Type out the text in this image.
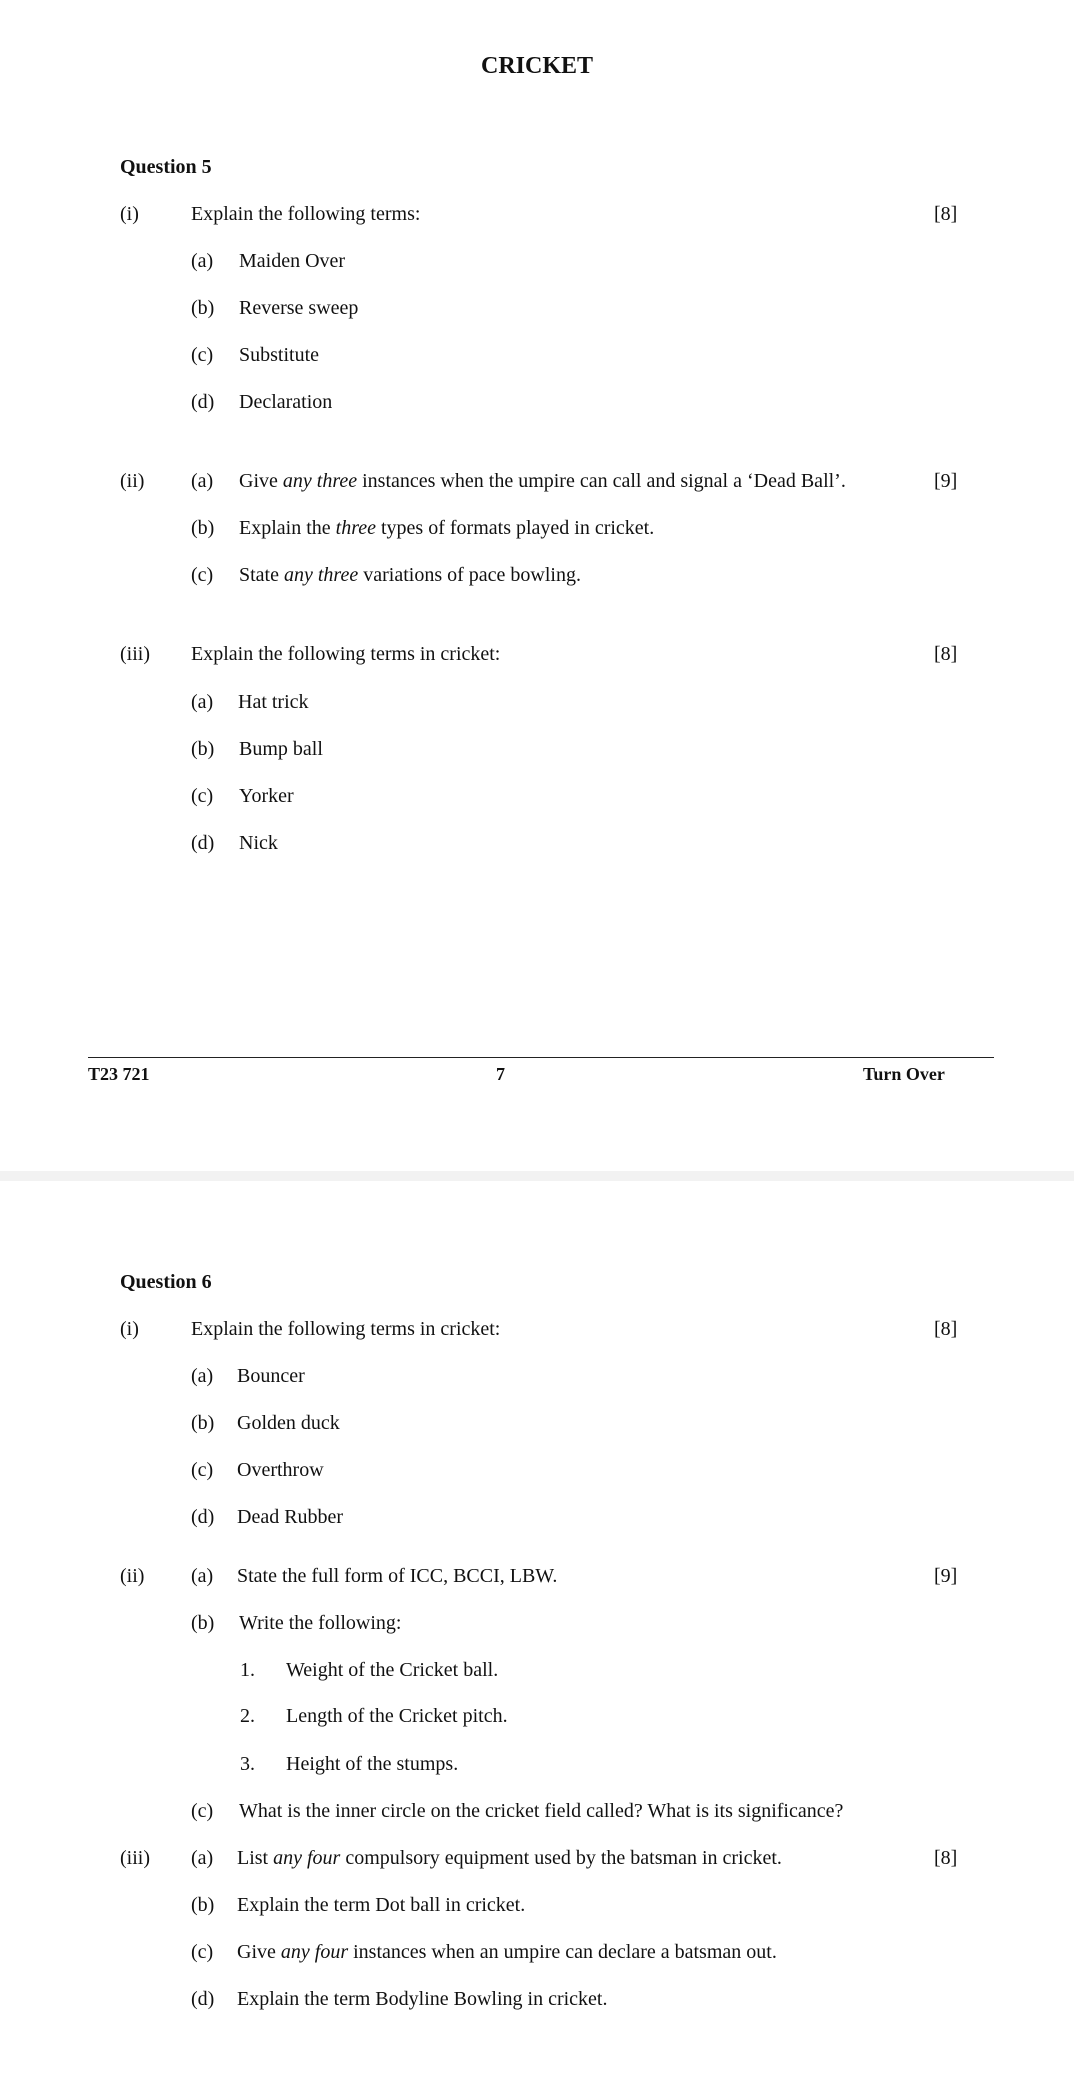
CRICKET
Question 5
(i)	Explain the following terms:	[8]
(a) Maiden Over
(b) Reverse sweep
(c) Substitute
(d) Declaration
(ii) (a) Give any three instances when the umpire can call and signal a ‘Dead Ball’.	[9]
(b) Explain the three types of formats played in cricket.
(c) State any three variations of pace bowling.
(iii) Explain the following terms in cricket:	[8]
(a) Hat trick
(b) Bump ball
(c) Yorker
(d) Nick
T23 721	7	Turn Over
Question 6
(i)	Explain the following terms in cricket:	[8]
(a) Bouncer
(b) Golden duck
(c) Overthrow
(d) Dead Rubber
(ii) (a) State the full form of ICC, BCCI, LBW.	[9]
(b) Write the following:
1. Weight of the Cricket ball.
2. Length of the Cricket pitch.
3. Height of the stumps.
(c) What is the inner circle on the cricket field called? What is its significance?
(iii) (a) List any four compulsory equipment used by the batsman in cricket.	[8]
(b) Explain the term Dot ball in cricket.
(c) Give any four instances when an umpire can declare a batsman out.
(d) Explain the term Bodyline Bowling in cricket.
